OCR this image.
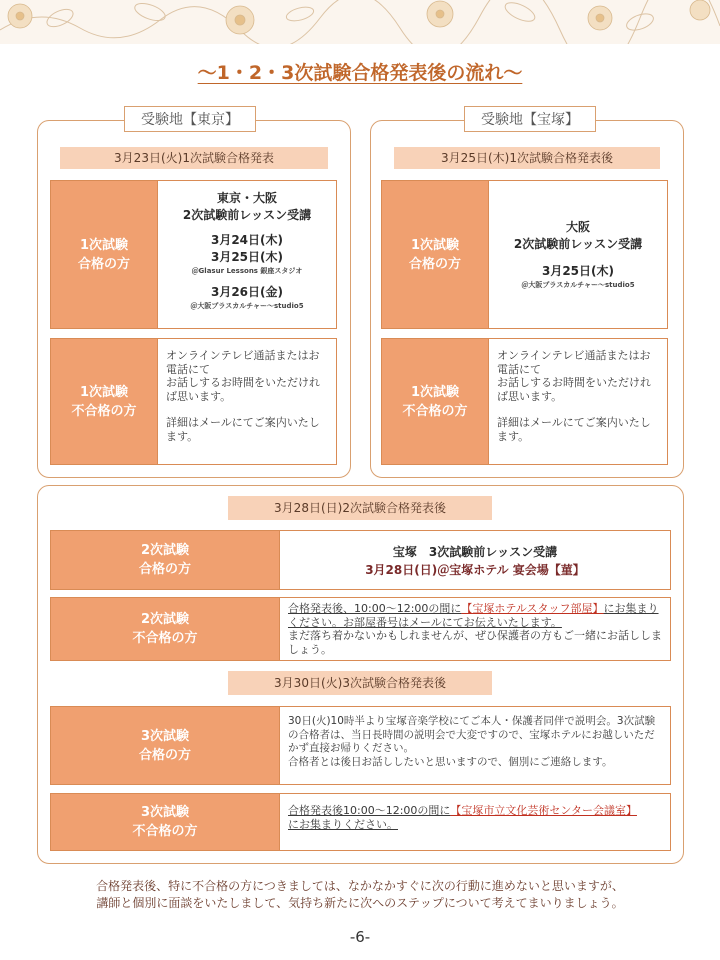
〜1・2・3次試験合格発表後の流れ〜
受験地【東京】
3月23日(火)1次試験合格発表
1次試験
合格の方
東京・大阪
2次試験前レッスン受講
3月24日(木)
3月25日(木)
＠Glasur Lessons 銀座スタジオ
3月26日(金)
＠大阪プラスカルチャー〜studio5
1次試験
不合格の方
オンラインテレビ通話またはお電話にて
お話しするお時間をいただければ思います。
詳細はメールにてご案内いたします。
受験地【宝塚】
3月25日(木)1次試験合格発表後
1次試験
合格の方
大阪
2次試験前レッスン受講
3月25日(木)
＠大阪プラスカルチャー〜studio5
1次試験
不合格の方
オンラインテレビ通話またはお電話にて
お話しするお時間をいただければ思います。
詳細はメールにてご案内いたします。
3月28日(日)2次試験合格発表後
2次試験
合格の方
宝塚　3次試験前レッスン受講
3月28日(日)＠宝塚ホテル 宴会場【菫】
2次試験
不合格の方
合格発表後、10:00〜12:00の間に【宝塚ホテルスタッフ部屋】にお集まりください。お部屋番号はメールにてお伝えいたします。
まだ落ち着かないかもしれませんが、ぜひ保護者の方もご一緒にお話ししましょう。
3月30日(火)3次試験合格発表後
3次試験
合格の方
30日(火)10時半より宝塚音楽学校にてご本人・保護者同伴で説明会。3次試験の合格者は、当日長時間の説明会で大変ですので、宝塚ホテルにお越しいただかず直接お帰りください。
合格者とは後日お話ししたいと思いますので、個別にご連絡します。
3次試験
不合格の方
合格発表後10:00〜12:00の間に【宝塚市立文化芸術センター会議室】
にお集まりください。
合格発表後、特に不合格の方につきましては、なかなかすぐに次の行動に進めないと思いますが、
講師と個別に面談をいたしまして、気持ち新たに次へのステップについて考えてまいりましょう。
-6-
